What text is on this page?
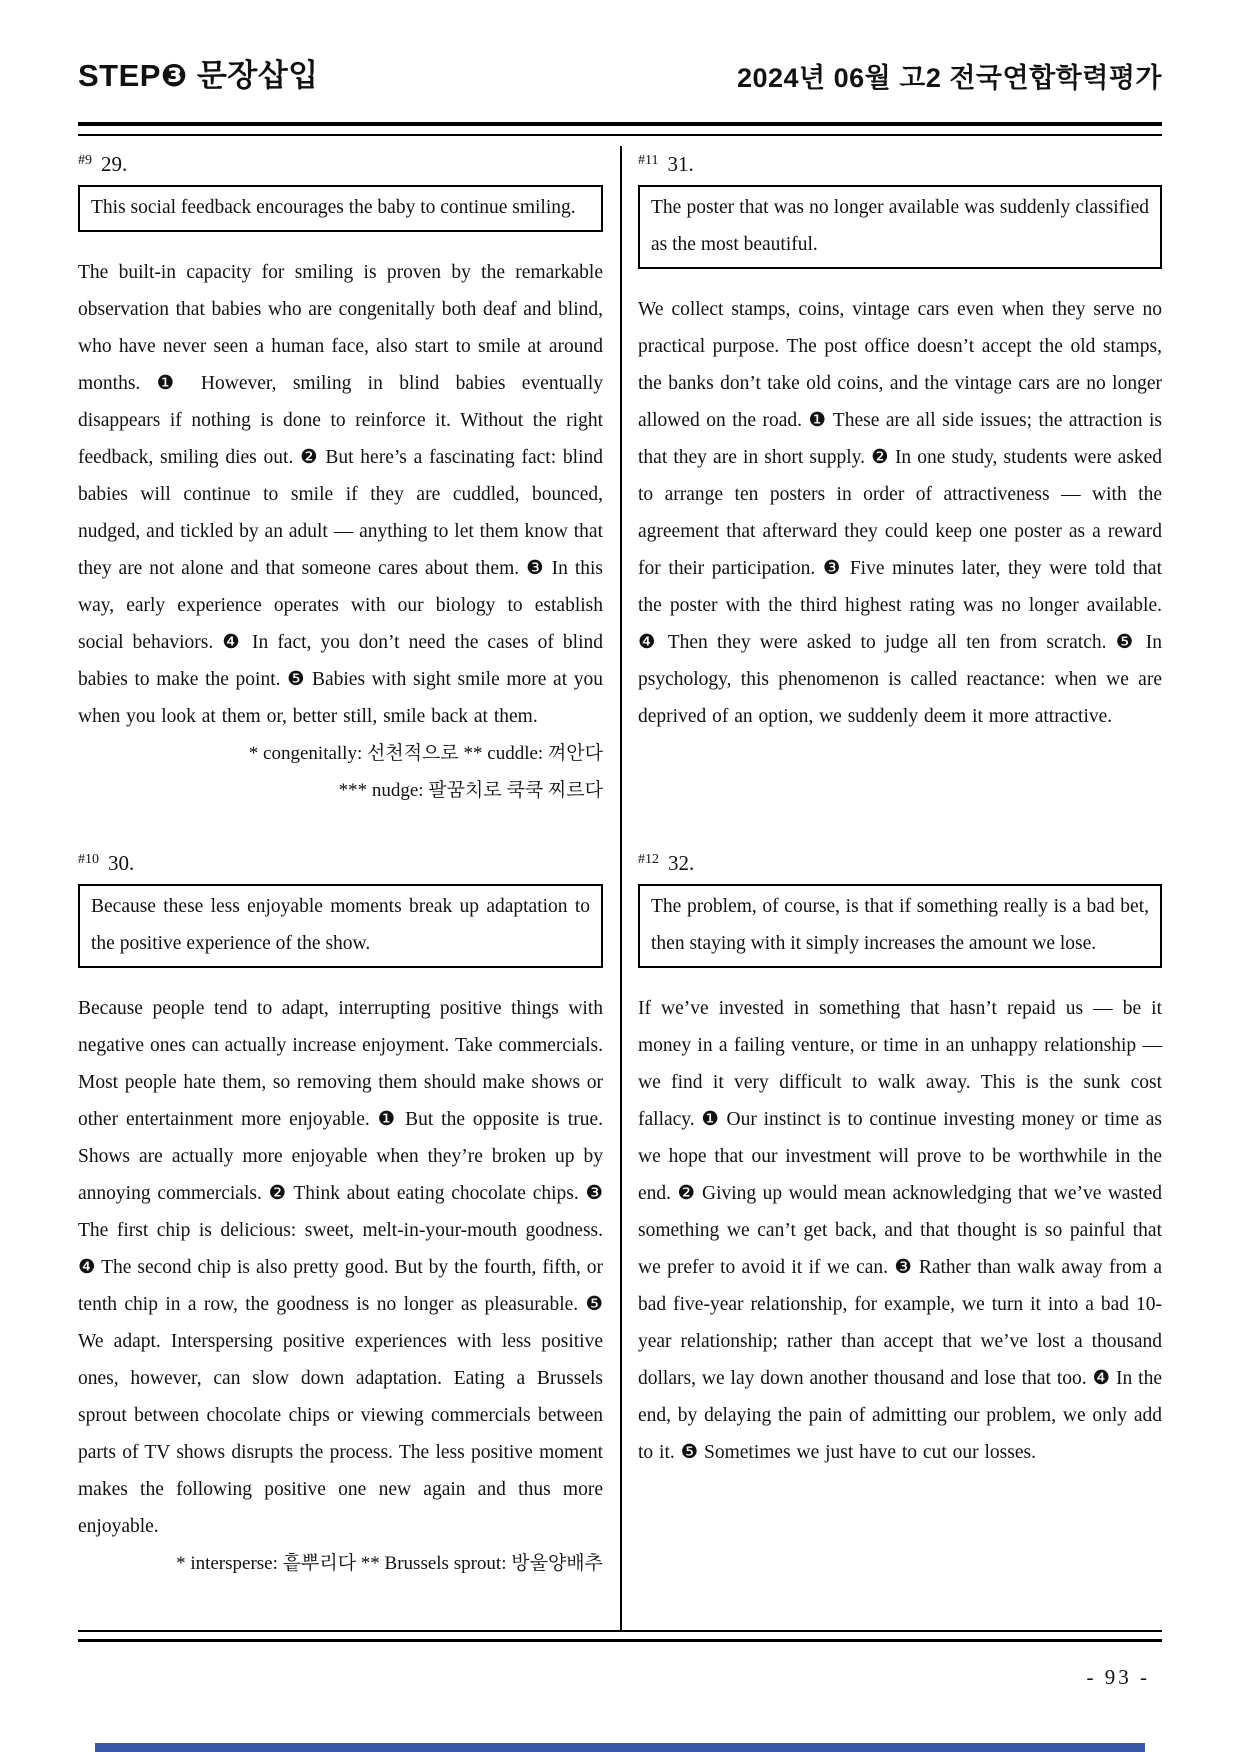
STEP❸ 문장삽입	2024년 06월 고2 전국연합학력평가
$^{\#9}$ 29.
This social feedback encourages the baby to continue smiling.
The built-in capacity for smiling is proven by the remarkable observation that babies who are congenitally both deaf and blind, who have never seen a human face, also start to smile at around months. ❶ However, smiling in blind babies eventually disappears if nothing is done to reinforce it. Without the right feedback, smiling dies out. ❷ But here’s a fascinating fact: blind babies will continue to smile if they are cuddled, bounced, nudged, and tickled by an adult — anything to let them know that they are not alone and that someone cares about them. ❸ In this way, early experience operates with our biology to establish social behaviors. ❹ In fact, you don’t need the cases of blind babies to make the point. ❺ Babies with sight smile more at you when you look at them or, better still, smile back at them.
* congenitally: 선천적으로 ** cuddle: 껴안다
*** nudge: 팔꿈치로 쿡쿡 찌르다
$^{\#10}$ 30.
Because these less enjoyable moments break up adaptation to the positive experience of the show.
Because people tend to adapt, interrupting positive things with negative ones can actually increase enjoyment. Take commercials. Most people hate them, so removing them should make shows or other entertainment more enjoyable. ❶ But the opposite is true. Shows are actually more enjoyable when they’re broken up by annoying commercials. ❷ Think about eating chocolate chips. ❸ The first chip is delicious: sweet, melt-in-your-mouth goodness. ❹ The second chip is also pretty good. But by the fourth, fifth, or tenth chip in a row, the goodness is no longer as pleasurable. ❺ We adapt. Interspersing positive experiences with less positive ones, however, can slow down adaptation. Eating a Brussels sprout between chocolate chips or viewing commercials between parts of TV shows disrupts the process. The less positive moment makes the following positive one new again and thus more enjoyable.
* intersperse: 흩뿌리다 ** Brussels sprout: 방울양배추
$^{\#11}$ 31.
The poster that was no longer available was suddenly classified as the most beautiful.
We collect stamps, coins, vintage cars even when they serve no practical purpose. The post office doesn’t accept the old stamps, the banks don’t take old coins, and the vintage cars are no longer allowed on the road. ❶ These are all side issues; the attraction is that they are in short supply. ❷ In one study, students were asked to arrange ten posters in order of attractiveness — with the agreement that afterward they could keep one poster as a reward for their participation. ❸ Five minutes later, they were told that the poster with the third highest rating was no longer available. ❹ Then they were asked to judge all ten from scratch. ❺ In psychology, this phenomenon is called reactance: when we are deprived of an option, we suddenly deem it more attractive.
$^{\#12}$ 32.
The problem, of course, is that if something really is a bad bet, then staying with it simply increases the amount we lose.
If we’ve invested in something that hasn’t repaid us — be it money in a failing venture, or time in an unhappy relationship — we find it very difficult to walk away. This is the sunk cost fallacy. ❶ Our instinct is to continue investing money or time as we hope that our investment will prove to be worthwhile in the end. ❷ Giving up would mean acknowledging that we’ve wasted something we can’t get back, and that thought is so painful that we prefer to avoid it if we can. ❸ Rather than walk away from a bad five-year relationship, for example, we turn it into a bad 10-year relationship; rather than accept that we’ve lost a thousand dollars, we lay down another thousand and lose that too. ❹ In the end, by delaying the pain of admitting our problem, we only add to it. ❺ Sometimes we just have to cut our losses.
- 93 -
